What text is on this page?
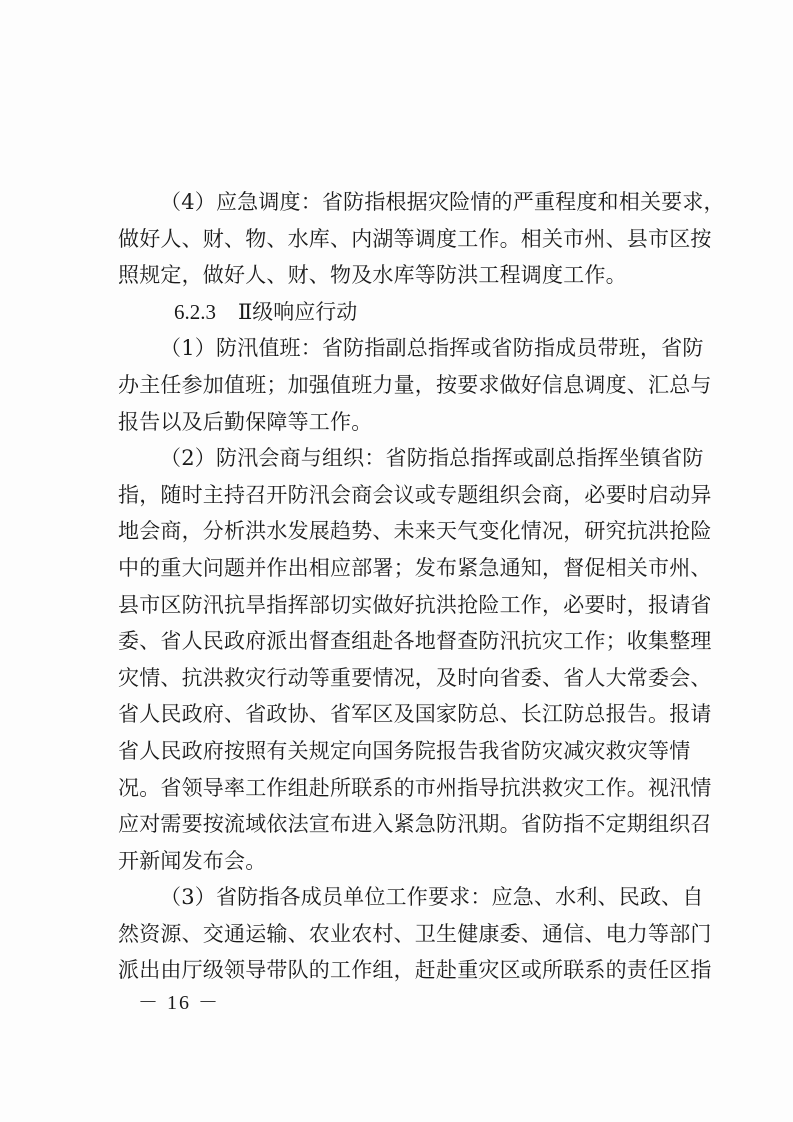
（4）应急调度：省防指根据灾险情的严重程度和相关要求，
做好人、财、物、水库、内湖等调度工作。相关市州、县市区按
照规定，做好人、财、物及水库等防洪工程调度工作。
6.2.3 Ⅱ级响应行动
（1）防汛值班：省防指副总指挥或省防指成员带班，省防
办主任参加值班；加强值班力量，按要求做好信息调度、汇总与
报告以及后勤保障等工作。
（2）防汛会商与组织：省防指总指挥或副总指挥坐镇省防
指，随时主持召开防汛会商会议或专题组织会商，必要时启动异
地会商，分析洪水发展趋势、未来天气变化情况，研究抗洪抢险
中的重大问题并作出相应部署；发布紧急通知，督促相关市州、
县市区防汛抗旱指挥部切实做好抗洪抢险工作，必要时，报请省
委、省人民政府派出督查组赴各地督查防汛抗灾工作；收集整理
灾情、抗洪救灾行动等重要情况，及时向省委、省人大常委会、
省人民政府、省政协、省军区及国家防总、长江防总报告。报请
省人民政府按照有关规定向国务院报告我省防灾减灾救灾等情
况。省领导率工作组赴所联系的市州指导抗洪救灾工作。视汛情
应对需要按流域依法宣布进入紧急防汛期。省防指不定期组织召
开新闻发布会。
（3）省防指各成员单位工作要求：应急、水利、民政、自
然资源、交通运输、农业农村、卫生健康委、通信、电力等部门
派出由厅级领导带队的工作组，赶赴重灾区或所联系的责任区指
－ 16 －
